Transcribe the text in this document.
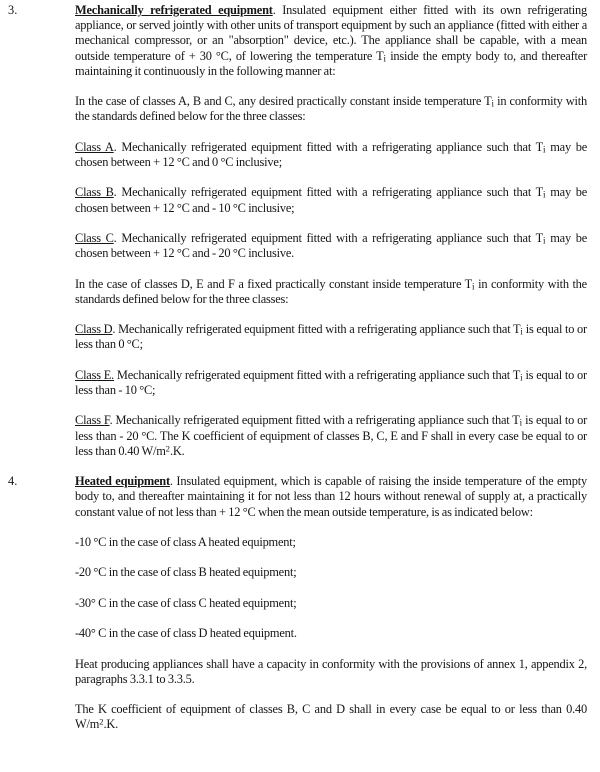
3.	Mechanically refrigerated equipment. Insulated equipment either fitted with its own refrigerating appliance, or served jointly with other units of transport equipment by such an appliance (fitted with either a mechanical compressor, or an "absorption" device, etc.). The appliance shall be capable, with a mean outside temperature of + 30 °C, of lowering the temperature Ti inside the empty body to, and thereafter maintaining it continuously in the following manner at:

In the case of classes A, B and C, any desired practically constant inside temperature Ti in conformity with the standards defined below for the three classes:

Class A. Mechanically refrigerated equipment fitted with a refrigerating appliance such that Ti may be chosen between + 12 °C and 0 °C inclusive;

Class B. Mechanically refrigerated equipment fitted with a refrigerating appliance such that Ti may be chosen between + 12 °C and - 10 °C inclusive;

Class C. Mechanically refrigerated equipment fitted with a refrigerating appliance such that Ti may be chosen between + 12 °C and - 20 °C inclusive.

In the case of classes D, E and F a fixed practically constant inside temperature Ti in conformity with the standards defined below for the three classes:

Class D. Mechanically refrigerated equipment fitted with a refrigerating appliance such that Ti is equal to or less than 0 °C;

Class E. Mechanically refrigerated equipment fitted with a refrigerating appliance such that Ti is equal to or less than - 10 °C;

Class F. Mechanically refrigerated equipment fitted with a refrigerating appliance such that Ti is equal to or less than - 20 °C. The K coefficient of equipment of classes B, C, E and F shall in every case be equal to or less than 0.40 $W/m^2.K$.

4.	Heated equipment. Insulated equipment, which is capable of raising the inside temperature of the empty body to, and thereafter maintaining it for not less than 12 hours without renewal of supply at, a practically constant value of not less than + 12 °C when the mean outside temperature, is as indicated below:

-10 °C in the case of class A heated equipment;

-20 °C in the case of class B heated equipment;

-30° C in the case of class C heated equipment;

-40° C in the case of class D heated equipment.

Heat producing appliances shall have a capacity in conformity with the provisions of annex 1, appendix 2, paragraphs 3.3.1 to 3.3.5.

The K coefficient of equipment of classes B, C and D shall in every case be equal to or less than 0.40 $W/m^2.K$.
